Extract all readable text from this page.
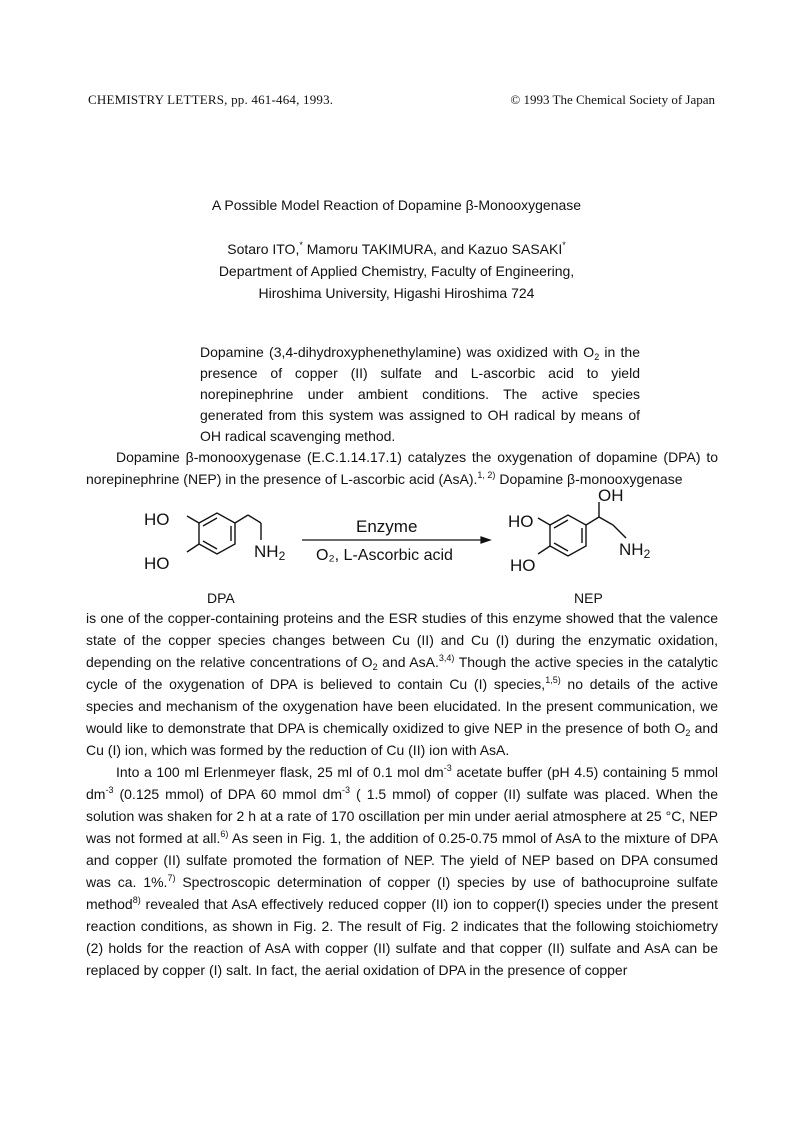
CHEMISTRY LETTERS, pp. 461-464, 1993.	© 1993 The Chemical Society of Japan
A Possible Model Reaction of Dopamine β-Monooxygenase
Sotaro ITO,* Mamoru TAKIMURA, and Kazuo SASAKI*
Department of Applied Chemistry, Faculty of Engineering,
Hiroshima University, Higashi Hiroshima 724

Dopamine (3,4-dihydroxyphenethylamine) was oxidized with $O_2$ in the presence of copper (II) sulfate and L-ascorbic acid to yield norepinephrine under ambient conditions. The active species generated from this system was assigned to OH radical by means of OH radical scavenging method.

Dopamine β-monooxygenase (E.C.1.14.17.1) catalyzes the oxygenation of dopamine (DPA) to norepinephrine (NEP) in the presence of L-ascorbic acid (AsA).$^{1, 2)}$ Dopamine β-monooxygenase

HO
HO
$NH_2$
Enzyme
O₂, L-Ascorbic acid
HO
HO
OH
$NH_2$
DPA	NEP

is one of the copper-containing proteins and the ESR studies of this enzyme showed that the valence state of the copper species changes between Cu (II) and Cu (I) during the enzymatic oxidation, depending on the relative concentrations of $O_2$ and AsA.$^{3,4)}$ Though the active species in the catalytic cycle of the oxygenation of DPA is believed to contain Cu (I) species,$^{1,5)}$ no details of the active species and mechanism of the oxygenation have been elucidated. In the present communication, we would like to demonstrate that DPA is chemically oxidized to give NEP in the presence of both $O_2$ and Cu (I) ion, which was formed by the reduction of Cu (II) ion with AsA.

Into a 100 ml Erlenmeyer flask, 25 ml of 0.1 mol $dm^{-3}$ acetate buffer (pH 4.5) containing 5 mmol $dm^{-3}$ (0.125 mmol) of DPA 60 mmol $dm^{-3}$ ( 1.5 mmol) of copper (II) sulfate was placed. When the solution was shaken for 2 h at a rate of 170 oscillation per min under aerial atmosphere at 25 °C, NEP was not formed at all.$^{6)}$ As seen in Fig. 1, the addition of 0.25-0.75 mmol of AsA to the mixture of DPA and copper (II) sulfate promoted the formation of NEP. The yield of NEP based on DPA consumed was ca. 1%.$^{7)}$ Spectroscopic determination of copper (I) species by use of bathocuproine sulfate method$^{8)}$ revealed that AsA effectively reduced copper (II) ion to copper(I) species under the present reaction conditions, as shown in Fig. 2. The result of Fig. 2 indicates that the following stoichiometry (2) holds for the reaction of AsA with copper (II) sulfate and that copper (II) sulfate and AsA can be replaced by copper (I) salt. In fact, the aerial oxidation of DPA in the presence of copper
